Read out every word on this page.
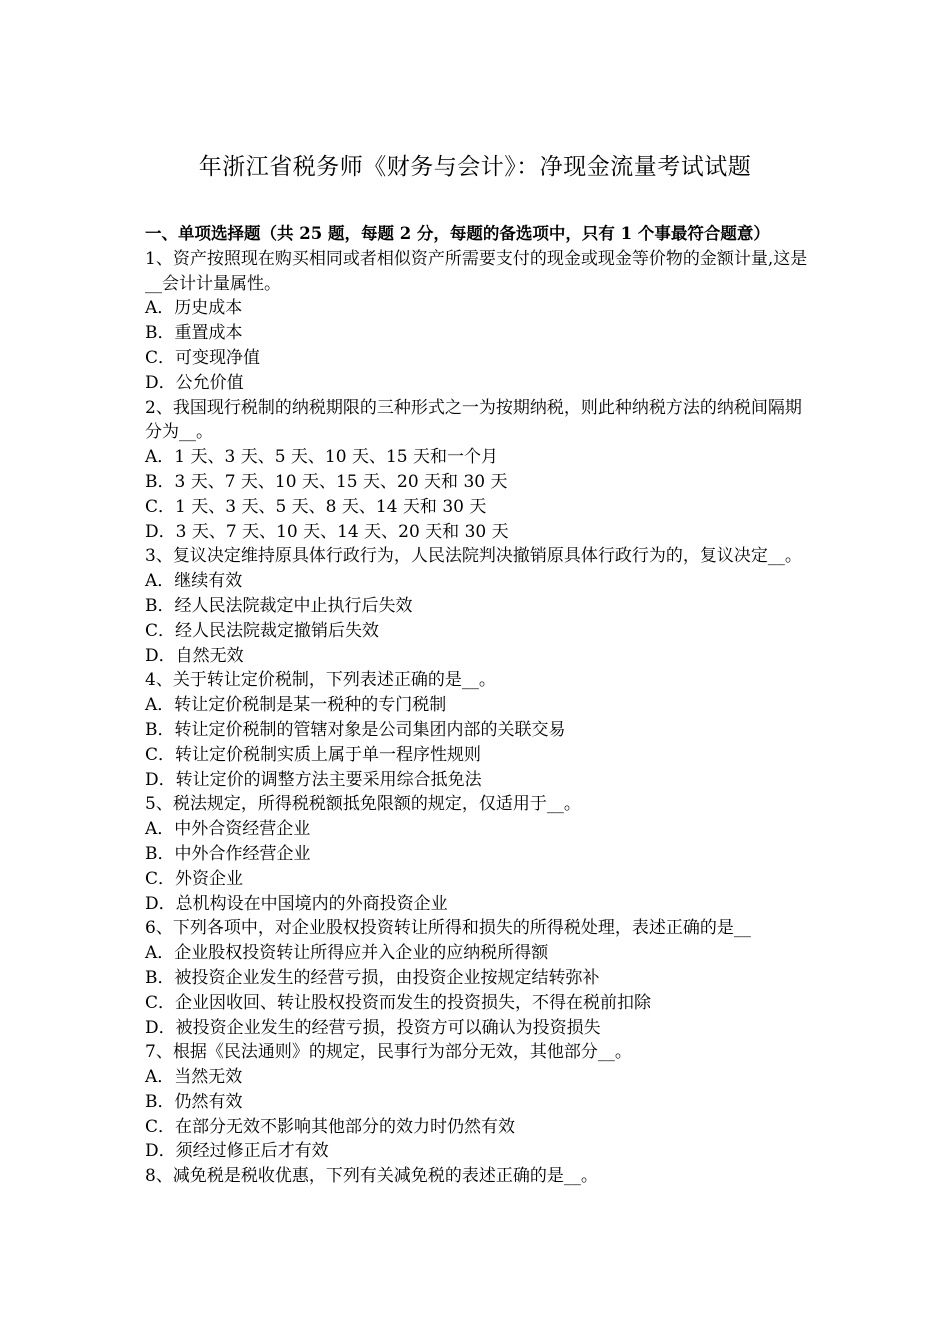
年浙江省税务师《财务与会计》：净现金流量考试试题
一、单项选择题（共 25 题，每题 2 分，每题的备选项中，只有 1 个事最符合题意）
1、资产按照现在购买相同或者相似资产所需要支付的现金或现金等价物的金额计量,这是__会计计量属性。
A．历史成本
B．重置成本
C．可变现净值
D．公允价值
2、我国现行税制的纳税期限的三种形式之一为按期纳税，则此种纳税方法的纳税间隔期分为__。
A．1 天、3 天、5 天、10 天、15 天和一个月
B．3 天、7 天、10 天、15 天、20 天和 30 天
C．1 天、3 天、5 天、8 天、14 天和 30 天
D．3 天、7 天、10 天、14 天、20 天和 30 天
3、复议决定维持原具体行政行为，人民法院判决撤销原具体行政行为的，复议决定__。
A．继续有效
B．经人民法院裁定中止执行后失效
C．经人民法院裁定撤销后失效
D．自然无效
4、关于转让定价税制，下列表述正确的是__。
A．转让定价税制是某一税种的专门税制
B．转让定价税制的管辖对象是公司集团内部的关联交易
C．转让定价税制实质上属于单一程序性规则
D．转让定价的调整方法主要采用综合抵免法
5、税法规定，所得税税额抵免限额的规定，仅适用于__。
A．中外合资经营企业
B．中外合作经营企业
C．外资企业
D．总机构设在中国境内的外商投资企业
6、下列各项中，对企业股权投资转让所得和损失的所得税处理，表述正确的是__
A．企业股权投资转让所得应并入企业的应纳税所得额
B．被投资企业发生的经营亏损，由投资企业按规定结转弥补
C．企业因收回、转让股权投资而发生的投资损失，不得在税前扣除
D．被投资企业发生的经营亏损，投资方可以确认为投资损失
7、根据《民法通则》的规定，民事行为部分无效，其他部分__。
A．当然无效
B．仍然有效
C．在部分无效不影响其他部分的效力时仍然有效
D．须经过修正后才有效
8、减免税是税收优惠，下列有关减免税的表述正确的是__。
